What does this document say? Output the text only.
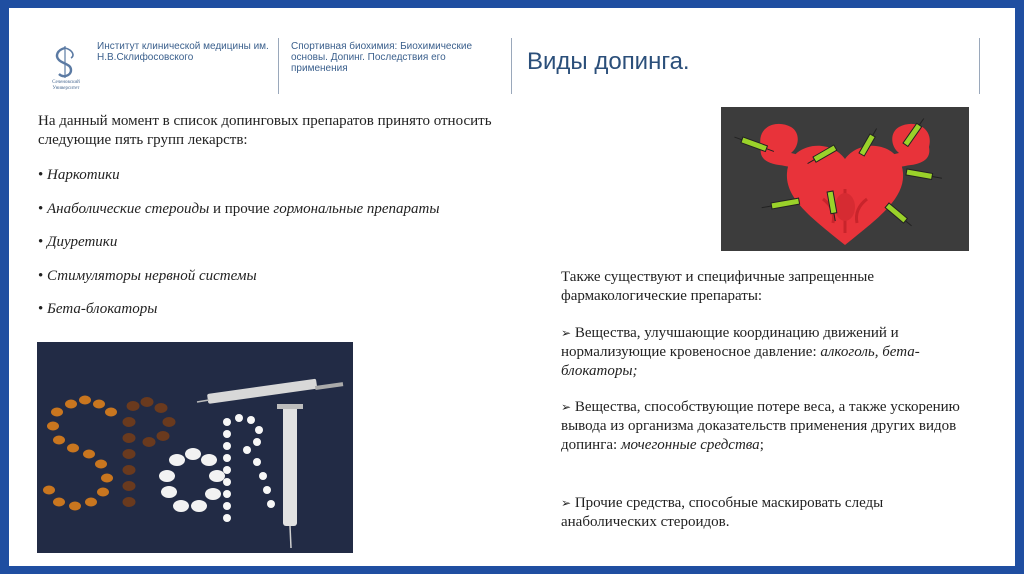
Сеченовский Университет
Институт клинической медицины им. Н.В.Склифосовского
Спортивная биохимия: Биохимические основы. Допинг. Последствия его применения	Виды допинга.
На данный момент в список допинговых препаратов принято относить следующие пять групп лекарств:
• Наркотики
• Анаболические стероиды и прочие гормональные препараты
• Диуретики
• Стимуляторы нервной системы
• Бета-блокаторы
Также существуют и специфичные запрещенные фармакологические препараты:
➢ Вещества, улучшающие координацию движений и нормализующие кровеносное давление: алкоголь, бета-блокаторы;
➢ Вещества, способствующие потере веса, а также ускорению вывода из организма доказательств применения других видов допинга: мочегонные средства;
➢ Прочие средства, способные маскировать следы анаболических стероидов.
